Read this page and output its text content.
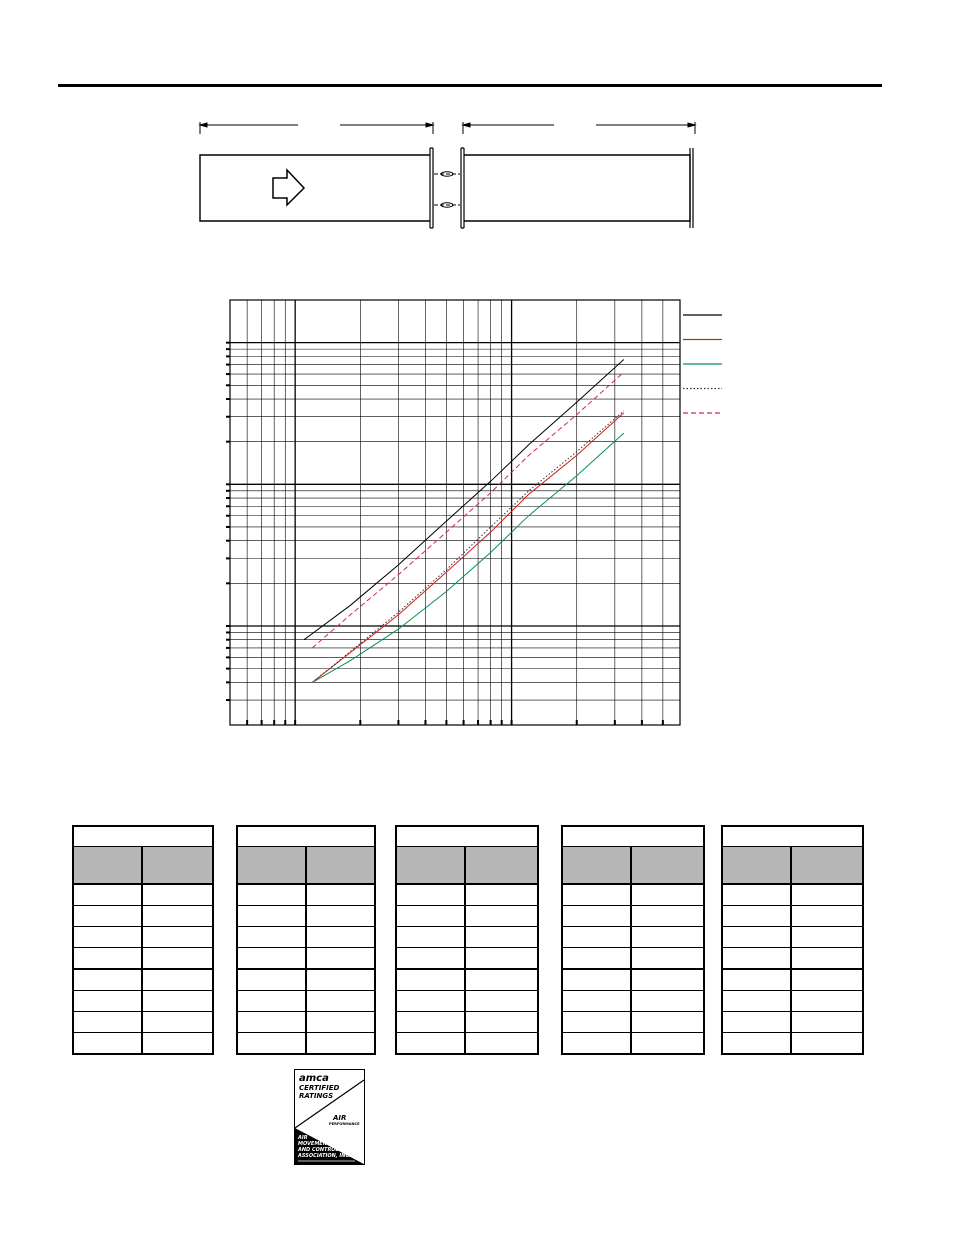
amca
CERTIFIED
RATINGS
AIR
PERFORMANCE
AIR
MOVEMENT
AND CONTROL
ASSOCIATION, INC.
